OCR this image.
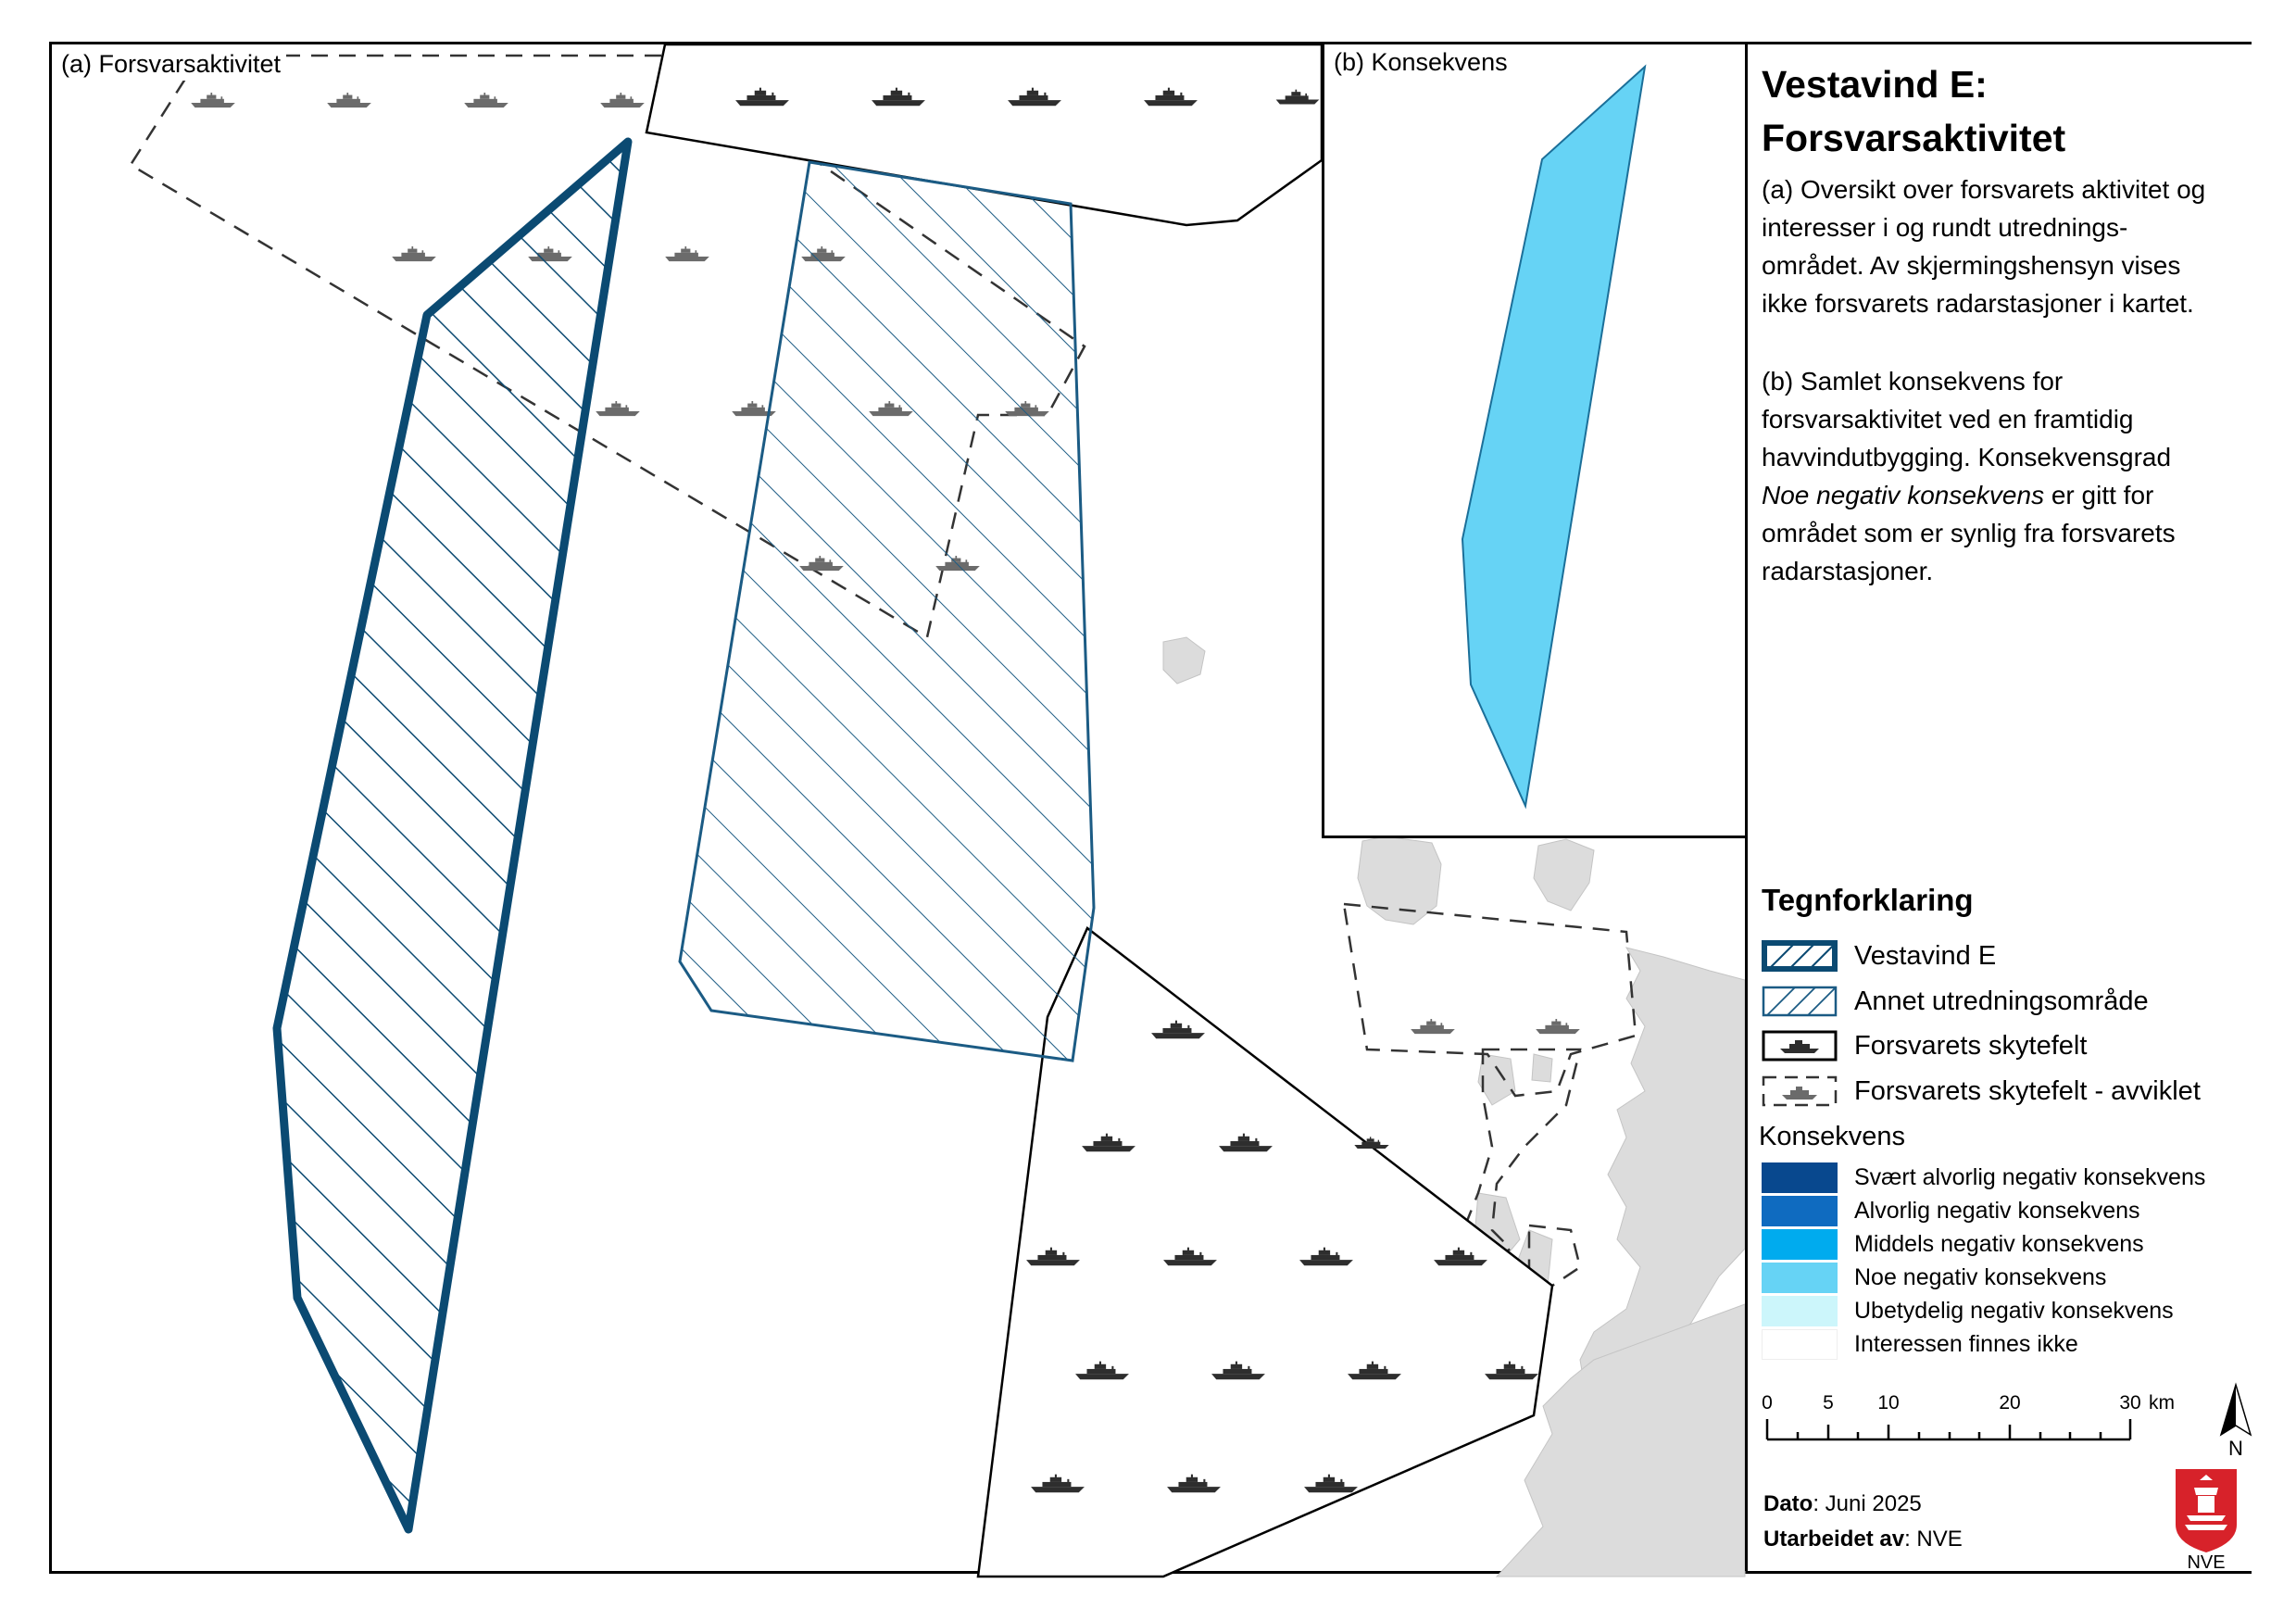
(a) Forsvarsaktivitet	(b) Konsekvens
Vestavind E:
Forsvarsaktivitet
(a) Oversikt over forsvarets aktivitet og
interesser i og rundt utrednings-
området. Av skjermingshensyn vises
ikke forsvarets radarstasjoner i kartet.
(b) Samlet konsekvens for
forsvarsaktivitet ved en framtidig
havvindutbygging. Konsekvensgrad
Noe negativ konsekvens er gitt for
området som er synlig fra forsvarets
radarstasjoner.
Tegnforklaring
Vestavind E
Annet utredningsområde
Forsvarets skytefelt
Forsvarets skytefelt - avviklet
Konsekvens
Svært alvorlig negativ konsekvens
Alvorlig negativ konsekvens
Middels negativ konsekvens
Noe negativ konsekvens
Ubetydelig negativ konsekvens
Interessen finnes ikke
0	5 10	20	30 km
N
Dato: Juni 2025
Utarbeidet av: NVE
NVE
